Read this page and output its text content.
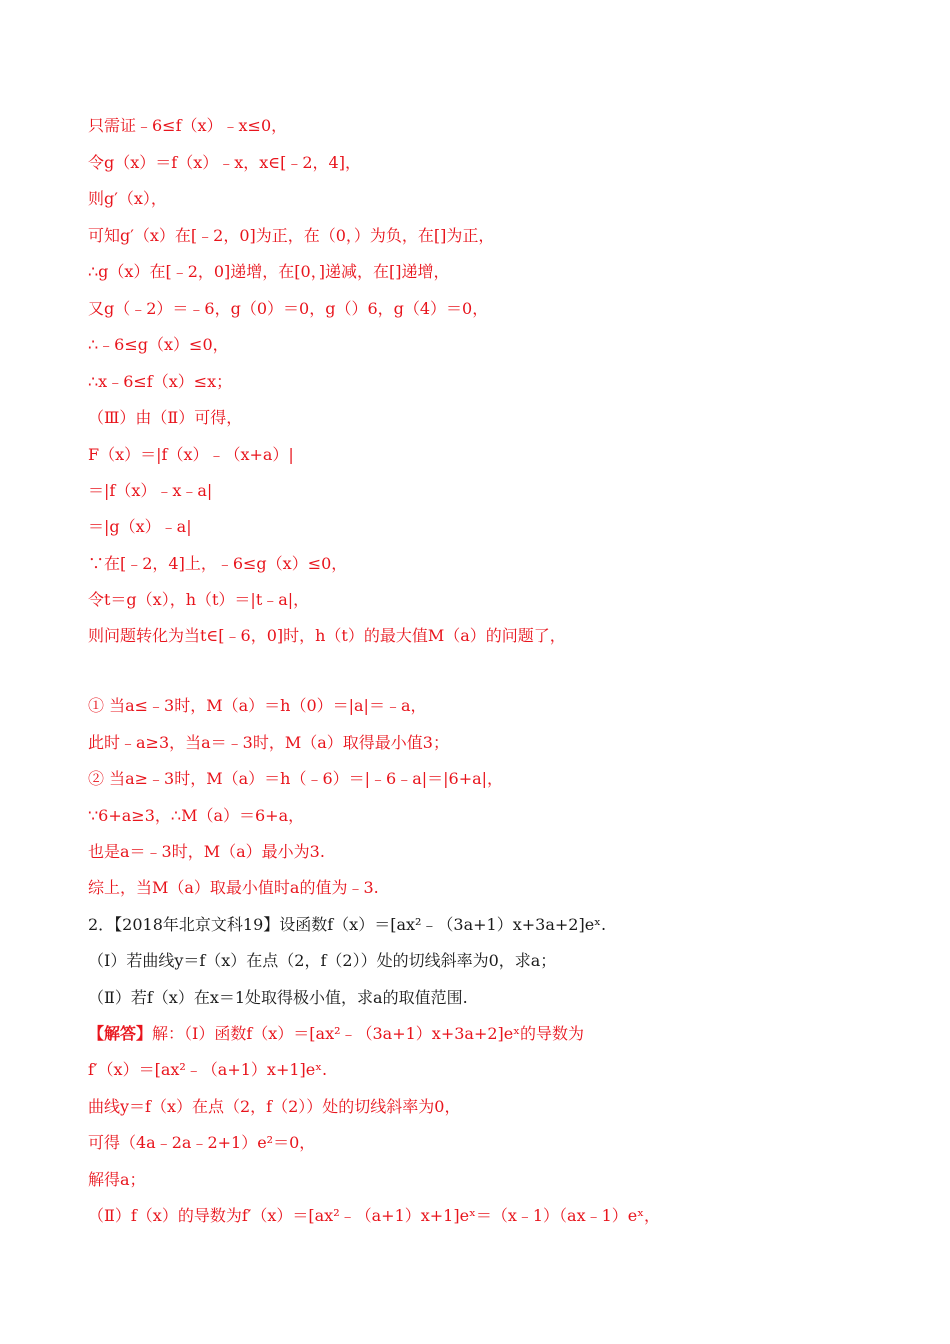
只需证﹣6≤f（x）﹣x≤0，
令g（x）＝f（x）﹣x，x∈[﹣2，4]，
则g′（x），
可知g′（x）在[﹣2，0]为正，在（0，）为负，在[]为正，
∴g（x）在[﹣2，0]递增，在[0，]递减，在[]递增，
又g（﹣2）＝﹣6，g（0）＝0，g（）6，g（4）＝0，
∴﹣6≤g（x）≤0，
∴x﹣6≤f（x）≤x；
（Ⅲ）由（Ⅱ）可得，
F（x）＝|f（x）﹣（x+a）|
＝|f（x）﹣x﹣a|
＝|g（x）﹣a|
∵在[﹣2，4]上，﹣6≤g（x）≤0，
令t＝g（x），h（t）＝|t﹣a|，
则问题转化为当t∈[﹣6，0]时，h（t）的最大值M（a）的问题了，
① 当a≤﹣3时，M（a）＝h（0）＝|a|＝﹣a，
此时﹣a≥3，当a＝﹣3时，M（a）取得最小值3；
② 当a≥﹣3时，M（a）＝h（﹣6）＝|﹣6﹣a|＝|6+a|，
∵6+a≥3，∴M（a）＝6+a，
也是a＝﹣3时，M（a）最小为3.
综上，当M（a）取最小值时a的值为﹣3.
2．【2018年北京文科19】设函数f（x）＝[ax²﹣（3a+1）x+3a+2]eˣ.
（Ⅰ）若曲线y＝f（x）在点（2，f（2））处的切线斜率为0，求a；
（Ⅱ）若f（x）在x＝1处取得极小值，求a的取值范围.
【解答】解：（Ⅰ）函数f（x）＝[ax²﹣（3a+1）x+3a+2]eˣ的导数为
f′（x）＝[ax²﹣（a+1）x+1]eˣ.
曲线y＝f（x）在点（2，f（2））处的切线斜率为0，
可得（4a﹣2a﹣2+1）e²＝0，
解得a；
（Ⅱ）f（x）的导数为f′（x）＝[ax²﹣（a+1）x+1]eˣ＝（x﹣1）（ax﹣1）eˣ，
